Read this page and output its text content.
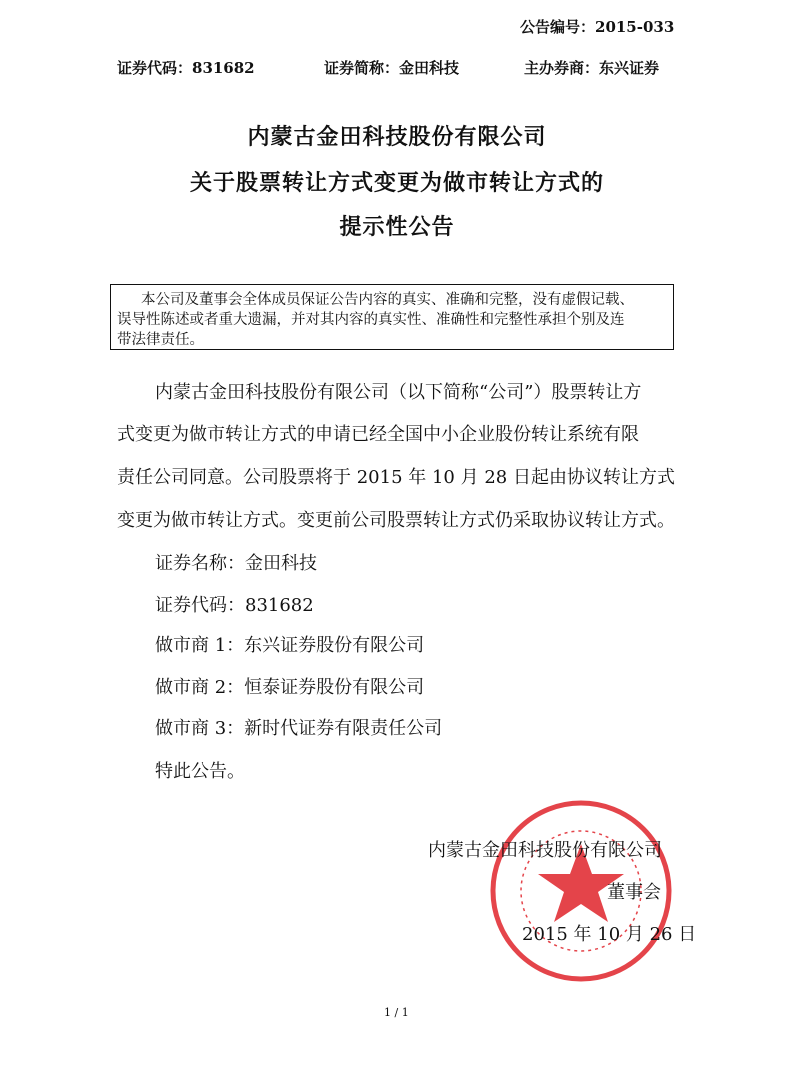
公告编号：2015-033
证券代码：831682	证券简称：金田科技	主办券商：东兴证券
内蒙古金田科技股份有限公司
关于股票转让方式变更为做市转让方式的
提示性公告
本公司及董事会全体成员保证公告内容的真实、准确和完整，没有虚假记载、
误导性陈述或者重大遗漏，并对其内容的真实性、准确性和完整性承担个别及连
带法律责任。
内蒙古金田科技股份有限公司（以下简称“公司”）股票转让方
式变更为做市转让方式的申请已经全国中小企业股份转让系统有限
责任公司同意。公司股票将于 2015 年 10 月 28 日起由协议转让方式
变更为做市转让方式。变更前公司股票转让方式仍采取协议转让方式。
证券名称：金田科技
证券代码：831682
做市商 1：东兴证券股份有限公司
做市商 2：恒泰证券股份有限公司
做市商 3：新时代证券有限责任公司
特此公告。
内蒙古金田科技股份有限公司
董事会
2015 年 10 月 26 日
1 / 1
